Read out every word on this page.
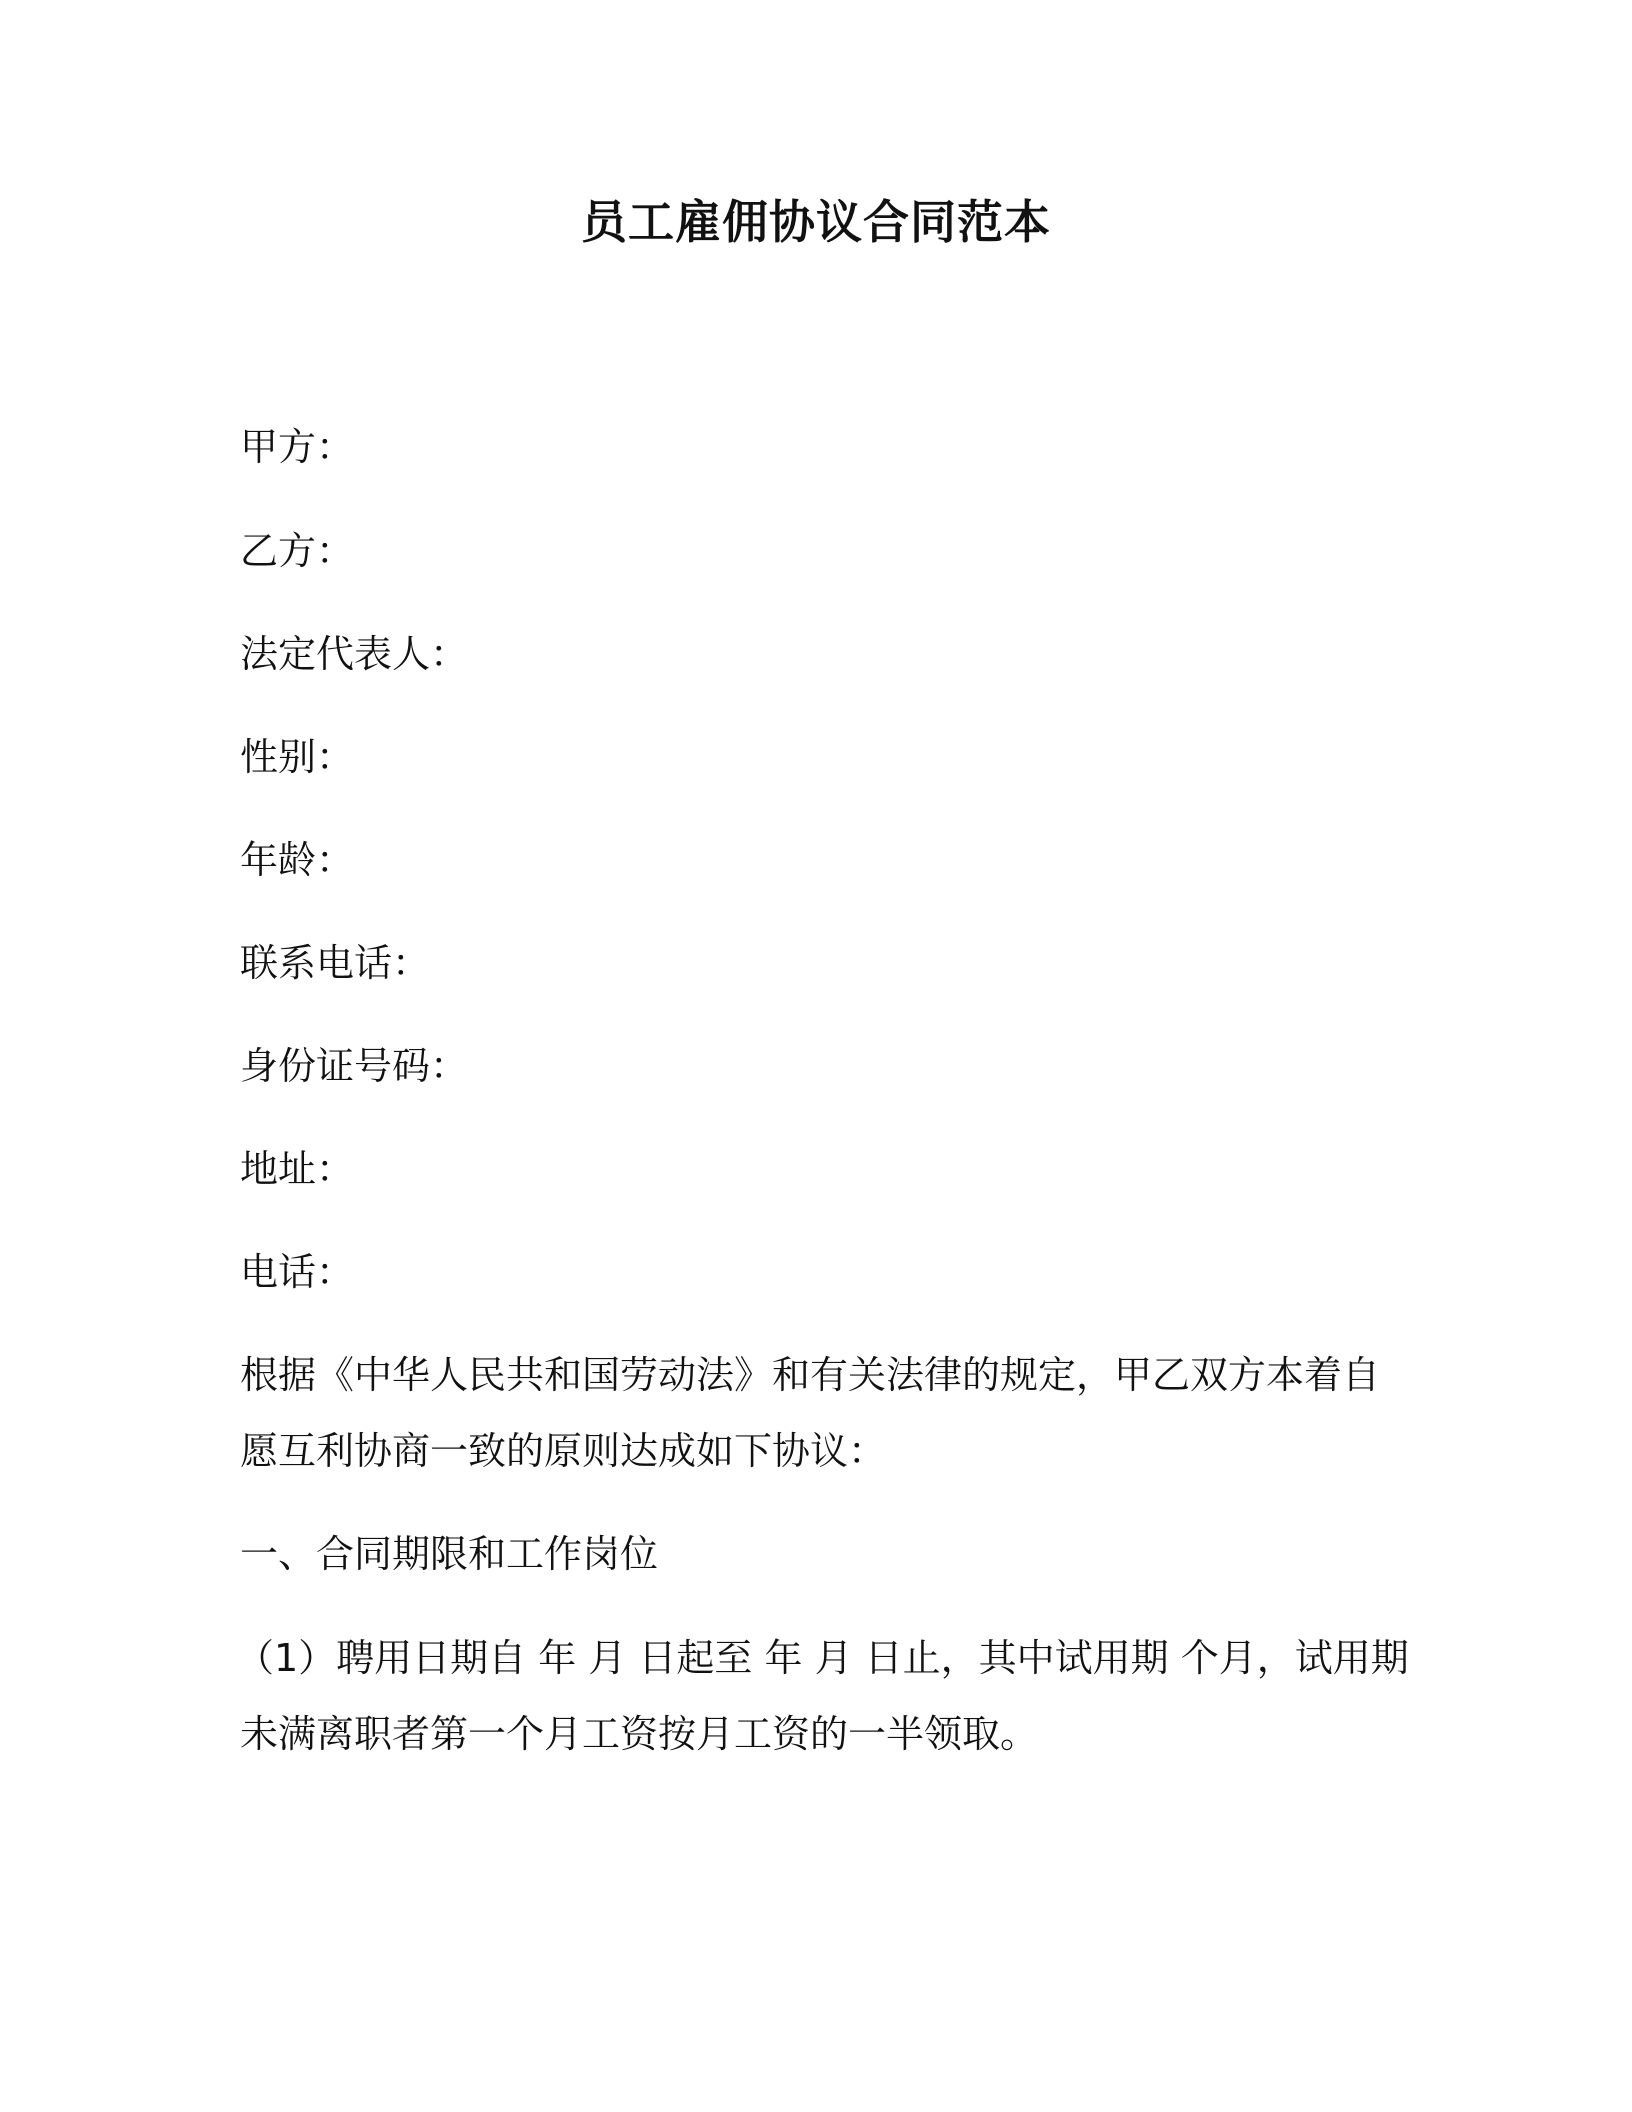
员工雇佣协议合同范本
甲方：
乙方：
法定代表人：
性别：
年龄：
联系电话：
身份证号码：
地址：
电话：
根据《中华人民共和国劳动法》和有关法律的规定，甲乙双方本着自
愿互利协商一致的原则达成如下协议：
一、合同期限和工作岗位
（1）聘用日期自 年 月 日起至 年 月 日止，其中试用期 个月，试用期
未满离职者第一个月工资按月工资的一半领取。
